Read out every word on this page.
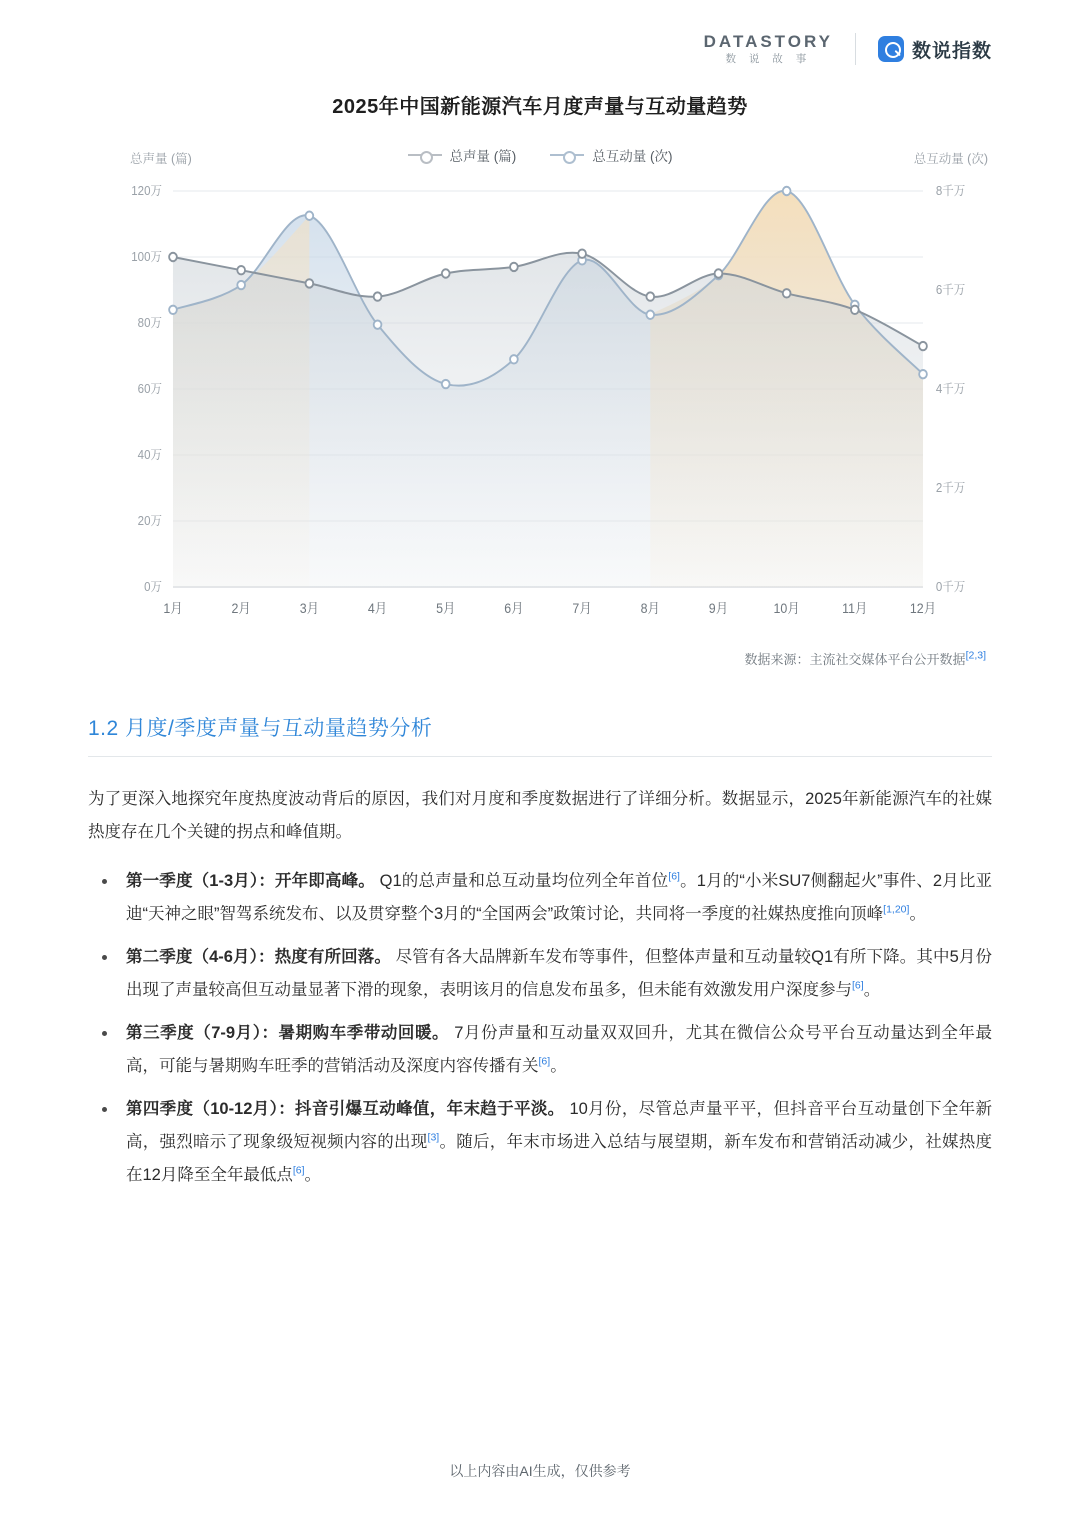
DATASTORY
数 说 故 事	数说指数
2025年中国新能源汽车月度声量与互动量趋势
总声量 (篇)	总互动量 (次)
总声量 (篇)	总互动量 (次)
0万
20万
40万
60万
80万
100万
120万
0千万
2千万
4千万
6千万
8千万
1月	2月	3月	4月	5月	6月	7月	8月	9月	10月	11月	12月
数据来源：主流社交媒体平台公开数据[2,3]
1.2 月度/季度声量与互动量趋势分析

为了更深入地探究年度热度波动背后的原因，我们对月度和季度数据进行了详细分析。数据显示，2025年新能源汽车的社媒热度存在几个关键的拐点和峰值期。

• 第一季度（1-3月）：开年即高峰。 Q1的总声量和总互动量均位列全年首位[6]。1月的“小米SU7侧翻起火”事件、2月比亚迪“天神之眼”智驾系统发布、以及贯穿整个3月的“全国两会”政策讨论，共同将一季度的社媒热度推向顶峰[1,20]。
• 第二季度（4-6月）：热度有所回落。 尽管有各大品牌新车发布等事件，但整体声量和互动量较Q1有所下降。其中5月份出现了声量较高但互动量显著下滑的现象，表明该月的信息发布虽多，但未能有效激发用户深度参与[6]。
• 第三季度（7-9月）：暑期购车季带动回暖。 7月份声量和互动量双双回升，尤其在微信公众号平台互动量达到全年最高，可能与暑期购车旺季的营销活动及深度内容传播有关[6]。
• 第四季度（10-12月）：抖音引爆互动峰值，年末趋于平淡。 10月份，尽管总声量平平，但抖音平台互动量创下全年新高，强烈暗示了现象级短视频内容的出现[3]。随后，年末市场进入总结与展望期，新车发布和营销活动减少，社媒热度在12月降至全年最低点[6]。
以上内容由AI生成，仅供参考
